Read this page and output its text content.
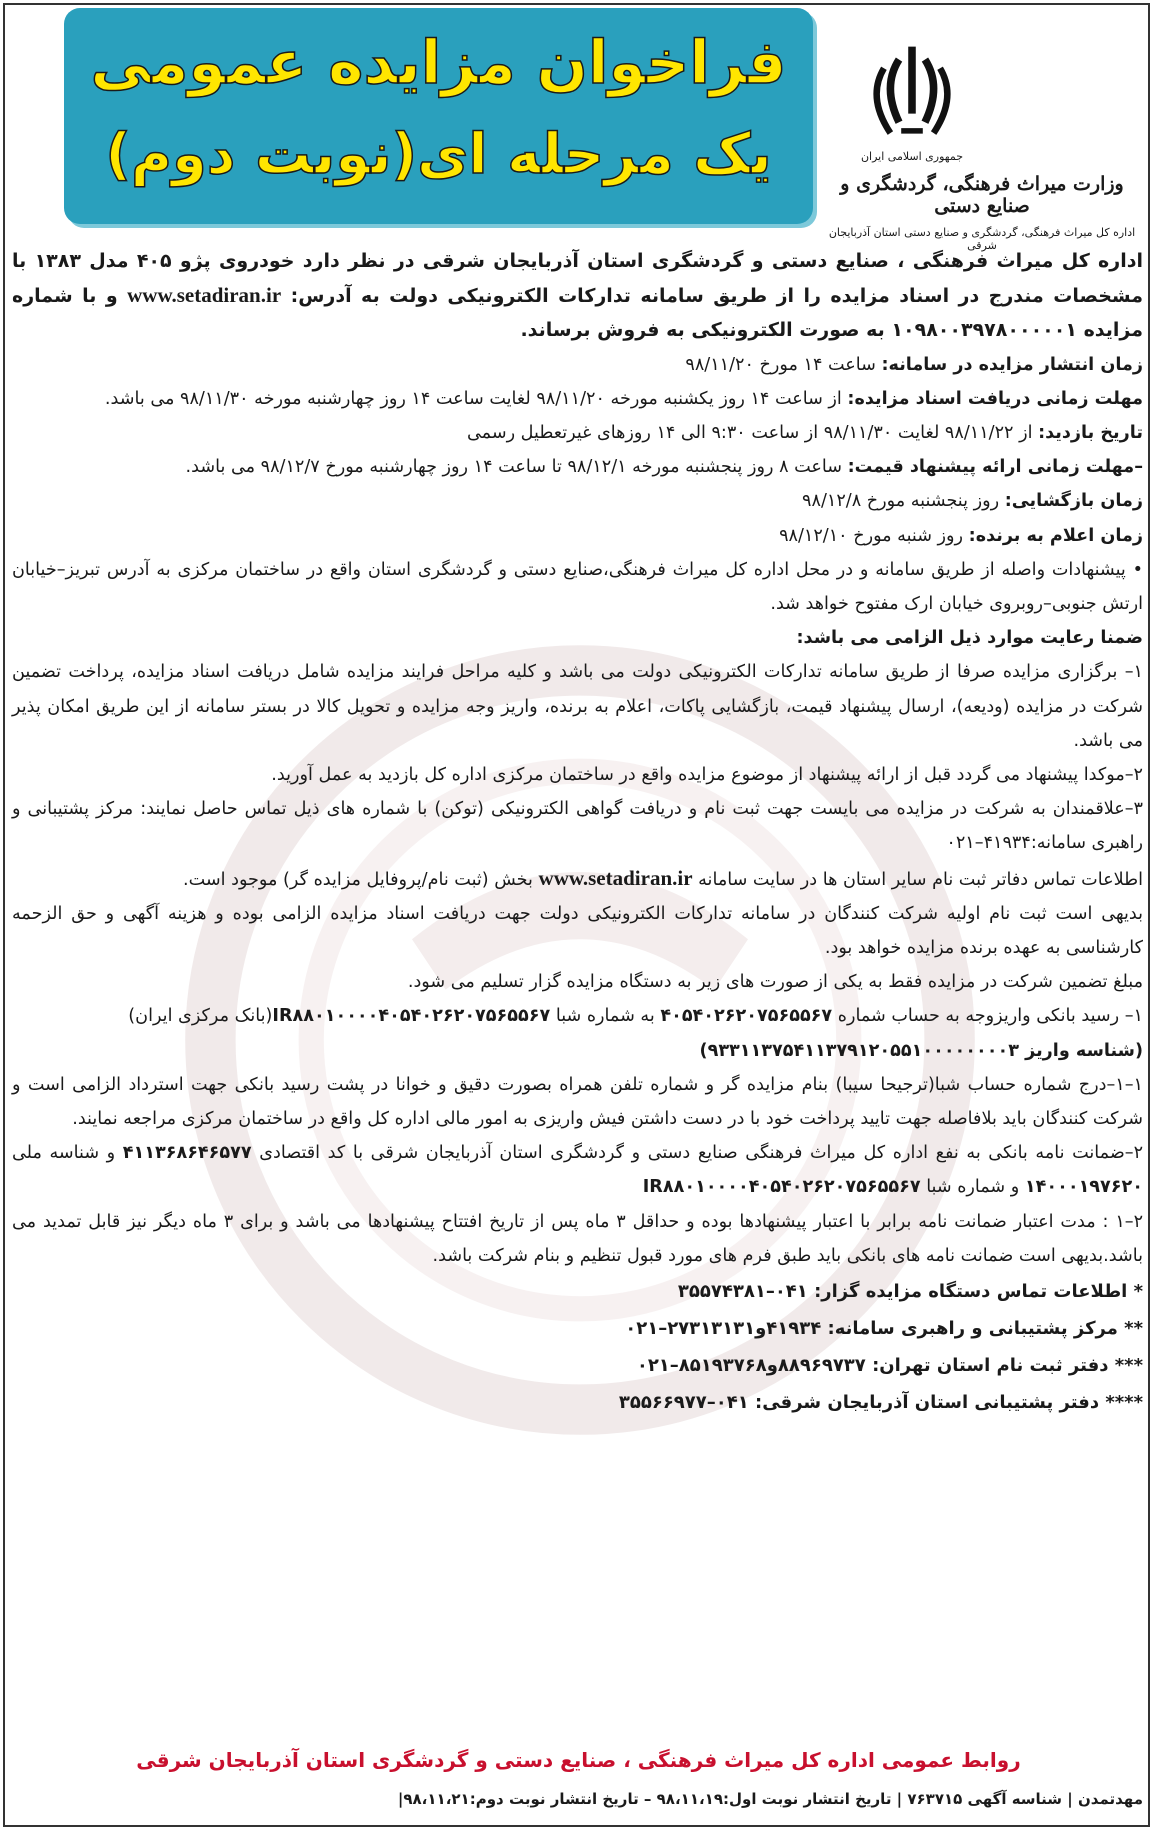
فراخوان مزایده عمومی
یک مرحله ای(نوبت دوم)	جمهوری اسلامی ایران
وزارت میراث فرهنگی، گردشگری و صنایع دستی
اداره کل میراث فرهنگی، گردشگری و صنایع دستی استان آذربایجان شرقی

اداره کل میراث فرهنگی ، صنایع دستی و گردشگری استان آذربایجان شرقی در نظر دارد خودروی پژو ۴۰۵ مدل ۱۳۸۳ با مشخصات مندرج در اسناد مزایده را از طریق سامانه تدارکات الکترونیکی دولت به آدرس: www.setadiran.ir و با شماره مزایده ۱۰۹۸۰۰۳۹۷۸۰۰۰۰۰۱ به صورت الکترونیکی به فروش برساند.

زمان انتشار مزایده در سامانه: ساعت ۱۴ مورخ ۹۸/۱۱/۲۰

مهلت زمانی دریافت اسناد مزایده: از ساعت ۱۴ روز یکشنبه مورخه ۹۸/۱۱/۲۰ لغایت ساعت ۱۴ روز چهارشنبه مورخه ۹۸/۱۱/۳۰ می باشد.

تاریخ بازدید: از ۹۸/۱۱/۲۲ لغایت ۹۸/۱۱/۳۰ از ساعت ۹:۳۰ الی ۱۴ روزهای غیرتعطیل رسمی

–مهلت زمانی ارائه پیشنهاد قیمت: ساعت ۸ روز پنجشنبه مورخه ۹۸/۱۲/۱ تا ساعت ۱۴ روز چهارشنبه مورخ ۹۸/۱۲/۷ می باشد.

زمان بازگشایی: روز پنجشنبه مورخ ۹۸/۱۲/۸

زمان اعلام به برنده: روز شنبه مورخ ۹۸/۱۲/۱۰

• پیشنهادات واصله از طریق سامانه و در محل اداره کل میراث فرهنگی،صنایع دستی و گردشگری استان واقع در ساختمان مرکزی به آدرس تبریز–خیابان ارتش جنوبی–روبروی خیابان ارک مفتوح خواهد شد.

ضمنا رعایت موارد ذیل الزامی می باشد:

۱– برگزاری مزایده صرفا از طریق سامانه تدارکات الکترونیکی دولت می باشد و کلیه مراحل فرایند مزایده شامل دریافت اسناد مزایده، پرداخت تضمین شرکت در مزایده (ودیعه)، ارسال پیشنهاد قیمت، بازگشایی پاکات، اعلام به برنده، واریز وجه مزایده و تحویل کالا در بستر سامانه از این طریق امکان پذیر می باشد.

۲–موکدا پیشنهاد می گردد قبل از ارائه پیشنهاد از موضوع مزایده واقع در ساختمان مرکزی اداره کل بازدید به عمل آورید.

۳–علاقمندان به شرکت در مزایده می بایست جهت ثبت نام و دریافت گواهی الکترونیکی (توکن) با شماره های ذیل تماس حاصل نمایند: مرکز پشتیبانی و راهبری سامانه:۴۱۹۳۴–۰۲۱

اطلاعات تماس دفاتر ثبت نام سایر استان ها در سایت سامانه www.setadiran.ir بخش (ثبت نام/پروفایل مزایده گر) موجود است.

بدیهی است ثبت نام اولیه شرکت کنندگان در سامانه تدارکات الکترونیکی دولت جهت دریافت اسناد مزایده الزامی بوده و هزینه آگهی و حق الزحمه کارشناسی به عهده برنده مزایده خواهد بود.

مبلغ تضمین شرکت در مزایده فقط به یکی از صورت های زیر به دستگاه مزایده گزار تسلیم می شود.

۱– رسید بانکی واریزوجه به حساب شماره ۴۰۵۴۰۲۶۲۰۷۵۶۵۵۶۷ به شماره شبا IR۸۸۰۱۰۰۰۰۴۰۵۴۰۲۶۲۰۷۵۶۵۵۶۷(بانک مرکزی ایران)

(شناسه واریز ۹۳۳۱۱۳۷۵۴۱۱۳۷۹۱۲۰۵۵۱۰۰۰۰۰۰۰۰۳)

۱–۱–درج شماره حساب شبا(ترجیحا سیبا) بنام مزایده گر و شماره تلفن همراه بصورت دقیق و خوانا در پشت رسید بانکی جهت استرداد الزامی است و شرکت کنندگان باید بلافاصله جهت تایید پرداخت خود با در دست داشتن فیش واریزی به امور مالی اداره کل واقع در ساختمان مرکزی مراجعه نمایند.

۲–ضمانت نامه بانکی به نفع اداره کل میراث فرهنگی صنایع دستی و گردشگری استان آذربایجان شرقی با کد اقتصادی ۴۱۱۳۶۸۶۴۶۵۷۷ و شناسه ملی ۱۴۰۰۰۱۹۷۶۲۰ و شماره شبا IR۸۸۰۱۰۰۰۰۴۰۵۴۰۲۶۲۰۷۵۶۵۵۶۷

۲–۱ : مدت اعتبار ضمانت نامه برابر با اعتبار پیشنهادها بوده و حداقل ۳ ماه پس از تاریخ افتتاح پیشنهادها می باشد و برای ۳ ماه دیگر نیز قابل تمدید می باشد.بدیهی است ضمانت نامه های بانکی باید طبق فرم های مورد قبول تنظیم و بنام شرکت باشد.

* اطلاعات تماس دستگاه مزایده گزار: ۰۴۱–۳۵۵۷۴۳۸۱
** مرکز پشتیبانی و راهبری سامانه: ۴۱۹۳۴و۲۷۳۱۳۱۳۱–۰۲۱
*** دفتر ثبت نام استان تهران: ۸۸۹۶۹۷۳۷و۸۵۱۹۳۷۶۸–۰۲۱
**** دفتر پشتیبانی استان آذربایجان شرقی: ۰۴۱–۳۵۵۶۶۹۷۷
روابط عمومی اداره کل میراث فرهنگی ، صنایع دستی و گردشگری استان آذربایجان شرقی
مهدتمدن | شناسه آگهی ۷۶۳۷۱۵ | تاریخ انتشار نوبت اول:۹۸،۱۱،۱۹ – تاریخ انتشار نوبت دوم:۹۸،۱۱،۲۱|
